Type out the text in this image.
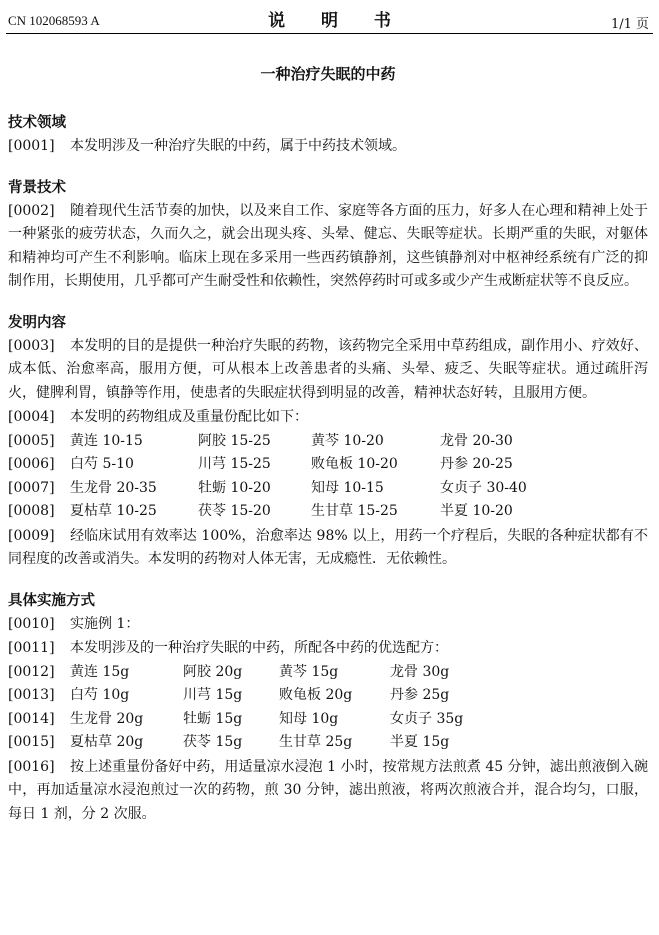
CN 102068593 A	说 明 书	1/1 页
一种治疗失眠的中药
技术领域
[0001] 本发明涉及一种治疗失眠的中药，属于中药技术领域。
背景技术
[0002] 随着现代生活节奏的加快，以及来自工作、家庭等各方面的压力，好多人在心理和精神上处于一种紧张的疲劳状态，久而久之，就会出现头疼、头晕、健忘、失眠等症状。长期严重的失眠，对躯体和精神均可产生不利影响。临床上现在多采用一些西药镇静剂，这些镇静剂对中枢神经系统有广泛的抑制作用，长期使用，几乎都可产生耐受性和依赖性，突然停药时可或多或少产生戒断症状等不良反应。
发明内容
[0003] 本发明的目的是提供一种治疗失眠的药物，该药物完全采用中草药组成，副作用小、疗效好、成本低、治愈率高，服用方便，可从根本上改善患者的头痛、头晕、疲乏、失眠等症状。通过疏肝泻火，健脾利胃，镇静等作用，使患者的失眠症状得到明显的改善，精神状态好转，且服用方便。
[0004] 本发明的药物组成及重量份配比如下：
[0005] 黄连 10-15	阿胶 15-25	黄芩 10-20	龙骨 20-30
[0006] 白芍 5-10	川芎 15-25	败龟板 10-20	丹参 20-25
[0007] 生龙骨 20-35	牡蛎 10-20	知母 10-15	女贞子 30-40
[0008] 夏枯草 10-25	茯苓 15-20	生甘草 15-25	半夏 10-20
[0009] 经临床试用有效率达 100%，治愈率达 98% 以上，用药一个疗程后，失眠的各种症状都有不同程度的改善或消失。本发明的药物对人体无害，无成瘾性．无依赖性。
具体实施方式
[0010] 实施例 1：
[0011] 本发明涉及的一种治疗失眠的中药，所配各中药的优选配方：
[0012] 黄连 15g	阿胶 20g	黄芩 15g	龙骨 30g
[0013] 白芍 10g	川芎 15g	败龟板 20g	丹参 25g
[0014] 生龙骨 20g	牡蛎 15g	知母 10g	女贞子 35g
[0015] 夏枯草 20g	茯苓 15g	生甘草 25g	半夏 15g
[0016] 按上述重量份备好中药，用适量凉水浸泡 1 小时，按常规方法煎煮 45 分钟，滤出煎液倒入碗中，再加适量凉水浸泡煎过一次的药物，煎 30 分钟，滤出煎液，将两次煎液合并，混合均匀，口服，每日 1 剂，分 2 次服。
